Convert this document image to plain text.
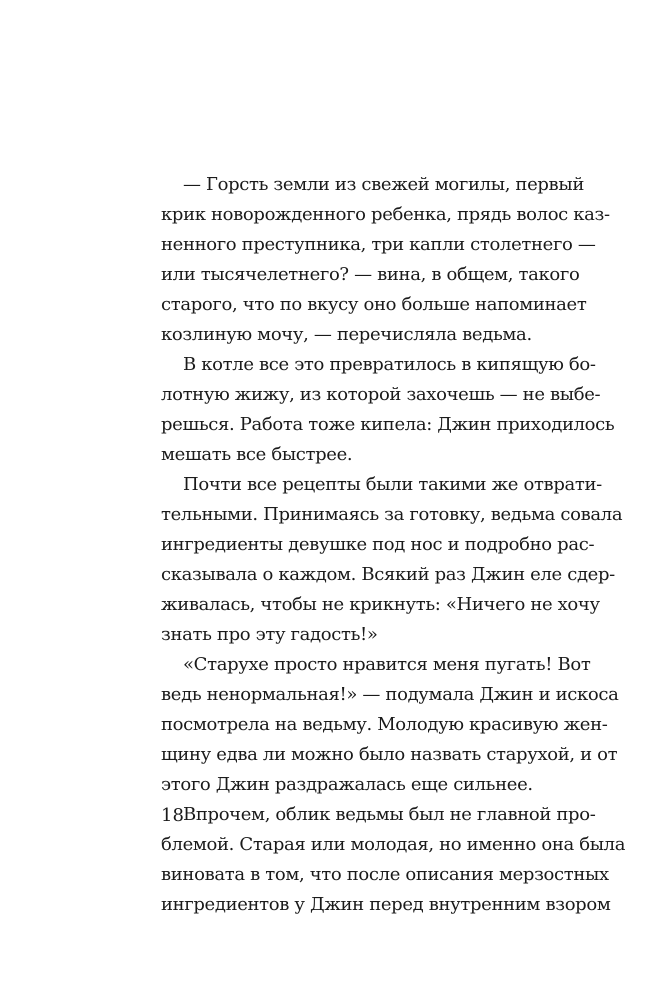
— Горсть земли из свежей могилы, первый
крик новорожденного ребенка, прядь волос каз-
ненного преступника, три капли столетнего —
или тысячелетнего? — вина, в общем, такого
старого, что по вкусу оно больше напоминает
козлиную мочу, — перечисляла ведьма.
В котле все это превратилось в кипящую бо-
лотную жижу, из которой захочешь — не выбе-
решься. Работа тоже кипела: Джин приходилось
мешать все быстрее.
Почти все рецепты были такими же отврати-
тельными. Принимаясь за готовку, ведьма совала
ингредиенты девушке под нос и подробно рас-
сказывала о каждом. Всякий раз Джин еле сдер-
живалась, чтобы не крикнуть: «Ничего не хочу
знать про эту гадость!»
«Старухе просто нравится меня пугать! Вот
ведь ненормальная!» — подумала Джин и искоса
посмотрела на ведьму. Молодую красивую жен-
щину едва ли можно было назвать старухой, и от
этого Джин раздражалась еще сильнее.
Впрочем, облик ведьмы был не главной про-
блемой. Старая или молодая, но именно она была
виновата в том, что после описания мерзостных
ингредиентов у Джин перед внутренним взором
18
